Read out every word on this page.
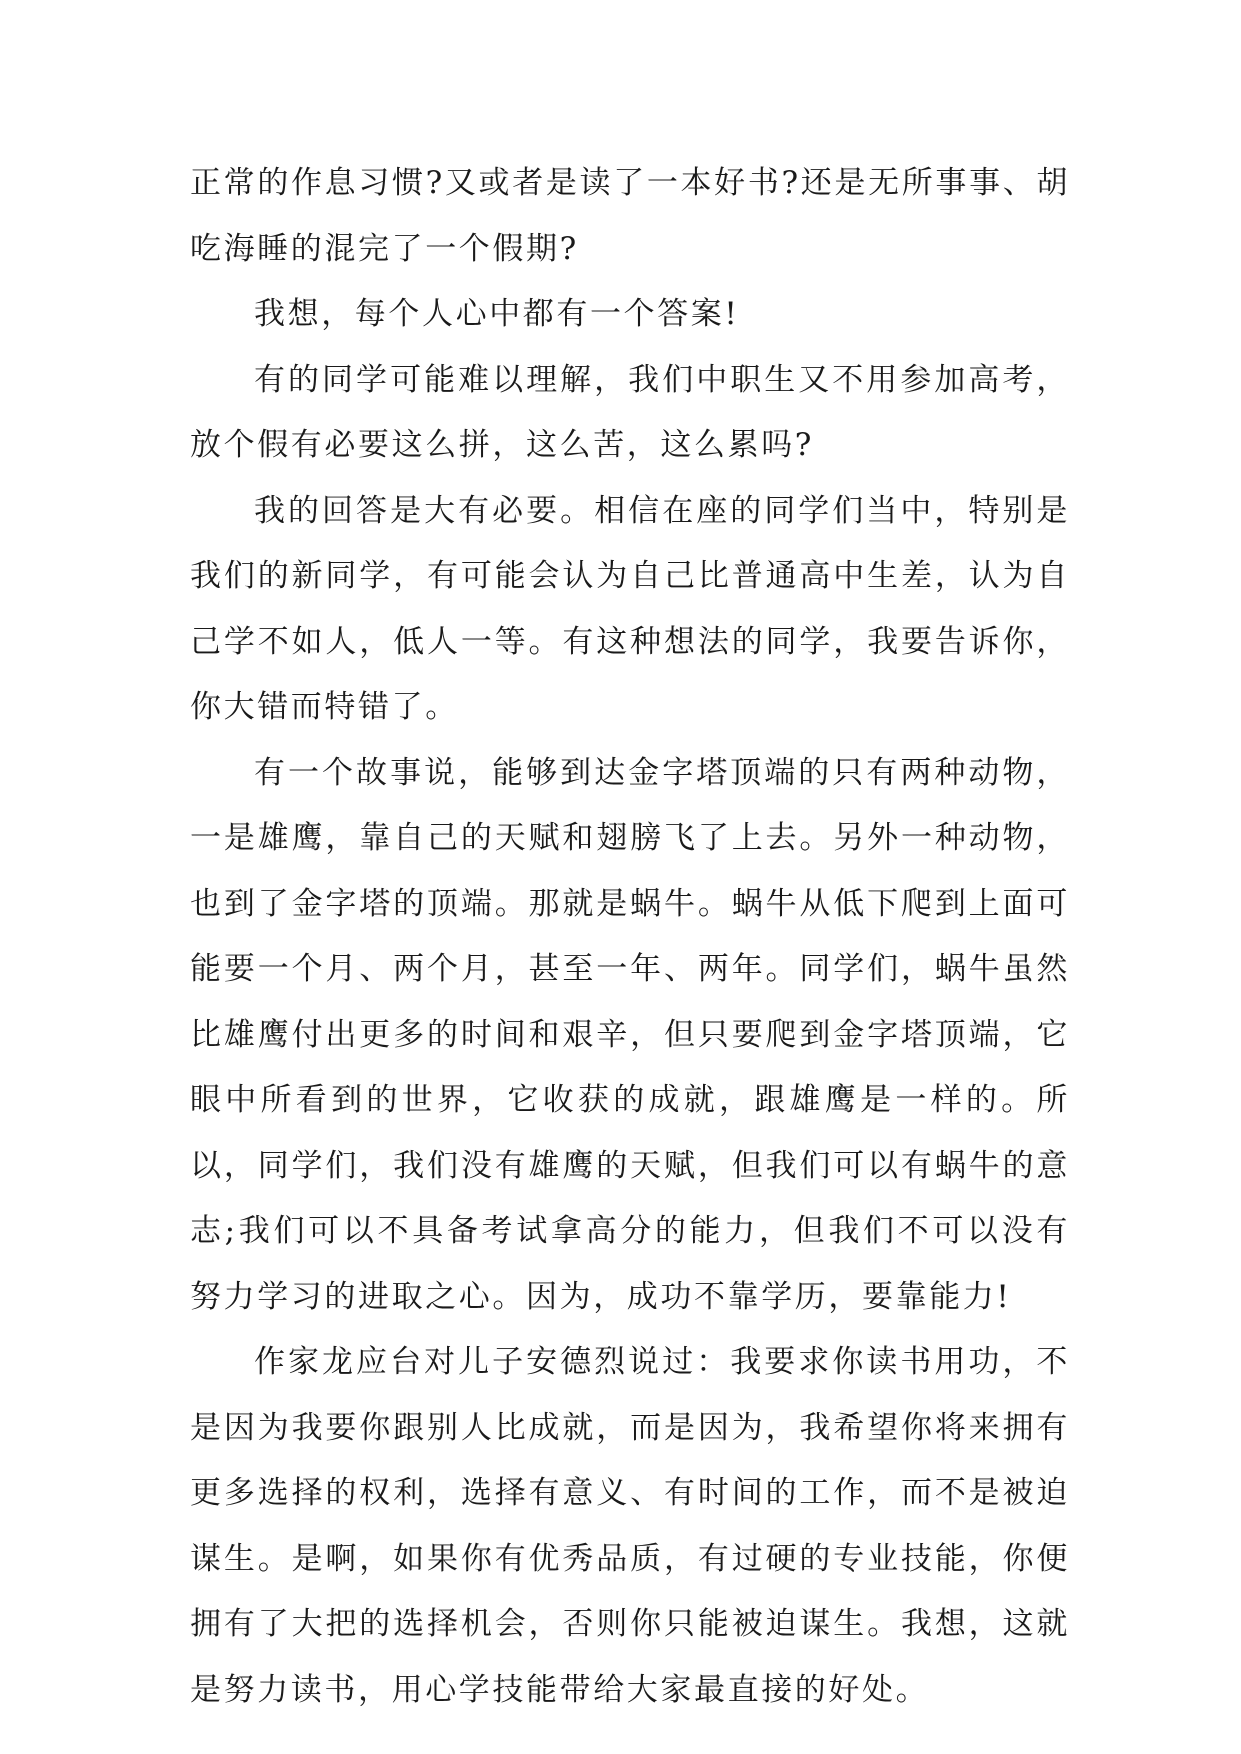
正常的作息习惯?又或者是读了一本好书?还是无所事事、胡吃海睡的混完了一个假期?

我想，每个人心中都有一个答案!

有的同学可能难以理解，我们中职生又不用参加高考，放个假有必要这么拼，这么苦，这么累吗?

我的回答是大有必要。相信在座的同学们当中，特别是我们的新同学，有可能会认为自己比普通高中生差，认为自己学不如人，低人一等。有这种想法的同学，我要告诉你，你大错而特错了。

有一个故事说，能够到达金字塔顶端的只有两种动物，一是雄鹰，靠自己的天赋和翅膀飞了上去。另外一种动物，也到了金字塔的顶端。那就是蜗牛。蜗牛从低下爬到上面可能要一个月、两个月，甚至一年、两年。同学们，蜗牛虽然比雄鹰付出更多的时间和艰辛，但只要爬到金字塔顶端，它眼中所看到的世界，它收获的成就，跟雄鹰是一样的。所以，同学们，我们没有雄鹰的天赋，但我们可以有蜗牛的意志;我们可以不具备考试拿高分的能力，但我们不可以没有努力学习的进取之心。因为，成功不靠学历，要靠能力!

作家龙应台对儿子安德烈说过：我要求你读书用功，不是因为我要你跟别人比成就，而是因为，我希望你将来拥有更多选择的权利，选择有意义、有时间的工作，而不是被迫谋生。是啊，如果你有优秀品质，有过硬的专业技能，你便拥有了大把的选择机会，否则你只能被迫谋生。我想，这就是努力读书，用心学技能带给大家最直接的好处。
